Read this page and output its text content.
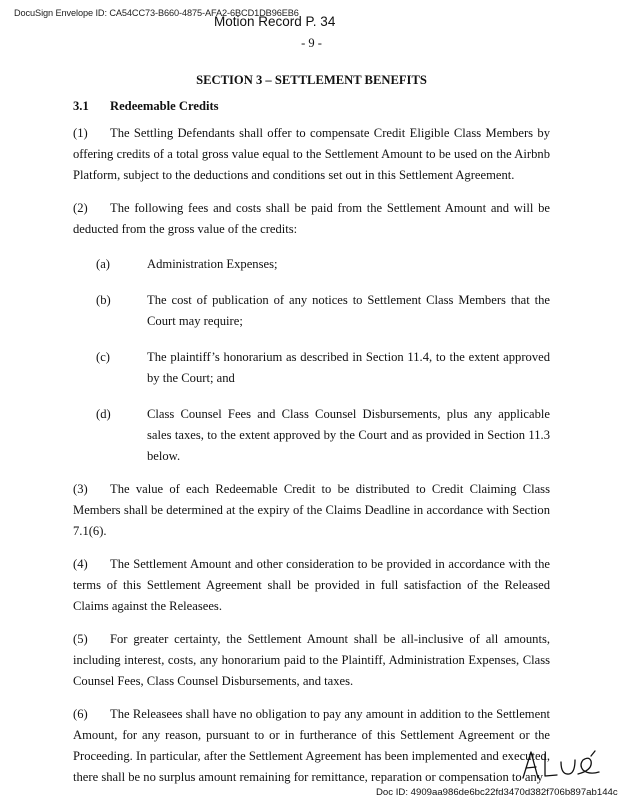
DocuSign Envelope ID: CA54CC73-B660-4875-AFA2-6BCD1DB96EB6
Motion Record P. 34
- 9 -
SECTION 3 – SETTLEMENT BENEFITS
3.1	Redeemable Credits

(1) The Settling Defendants shall offer to compensate Credit Eligible Class Members by offering credits of a total gross value equal to the Settlement Amount to be used on the Airbnb Platform, subject to the deductions and conditions set out in this Settlement Agreement.

(2) The following fees and costs shall be paid from the Settlement Amount and will be deducted from the gross value of the credits:

(a)	Administration Expenses;
(b)	The cost of publication of any notices to Settlement Class Members that the Court may require;
(c)	The plaintiff’s honorarium as described in Section 11.4, to the extent approved by the Court; and
(d)	Class Counsel Fees and Class Counsel Disbursements, plus any applicable sales taxes, to the extent approved by the Court and as provided in Section 11.3 below.

(3) The value of each Redeemable Credit to be distributed to Credit Claiming Class Members shall be determined at the expiry of the Claims Deadline in accordance with Section 7.1(6).

(4) The Settlement Amount and other consideration to be provided in accordance with the terms of this Settlement Agreement shall be provided in full satisfaction of the Released Claims against the Releasees.

(5) For greater certainty, the Settlement Amount shall be all-inclusive of all amounts, including interest, costs, any honorarium paid to the Plaintiff, Administration Expenses, Class Counsel Fees, Class Counsel Disbursements, and taxes.

(6) The Releasees shall have no obligation to pay any amount in addition to the Settlement Amount, for any reason, pursuant to or in furtherance of this Settlement Agreement or the Proceeding. In particular, after the Settlement Agreement has been implemented and executed, there shall be no surplus amount remaining for remittance, reparation or compensation to any

Doc ID: 4909aa986de6bc22fd3470d382f706b897ab144c
